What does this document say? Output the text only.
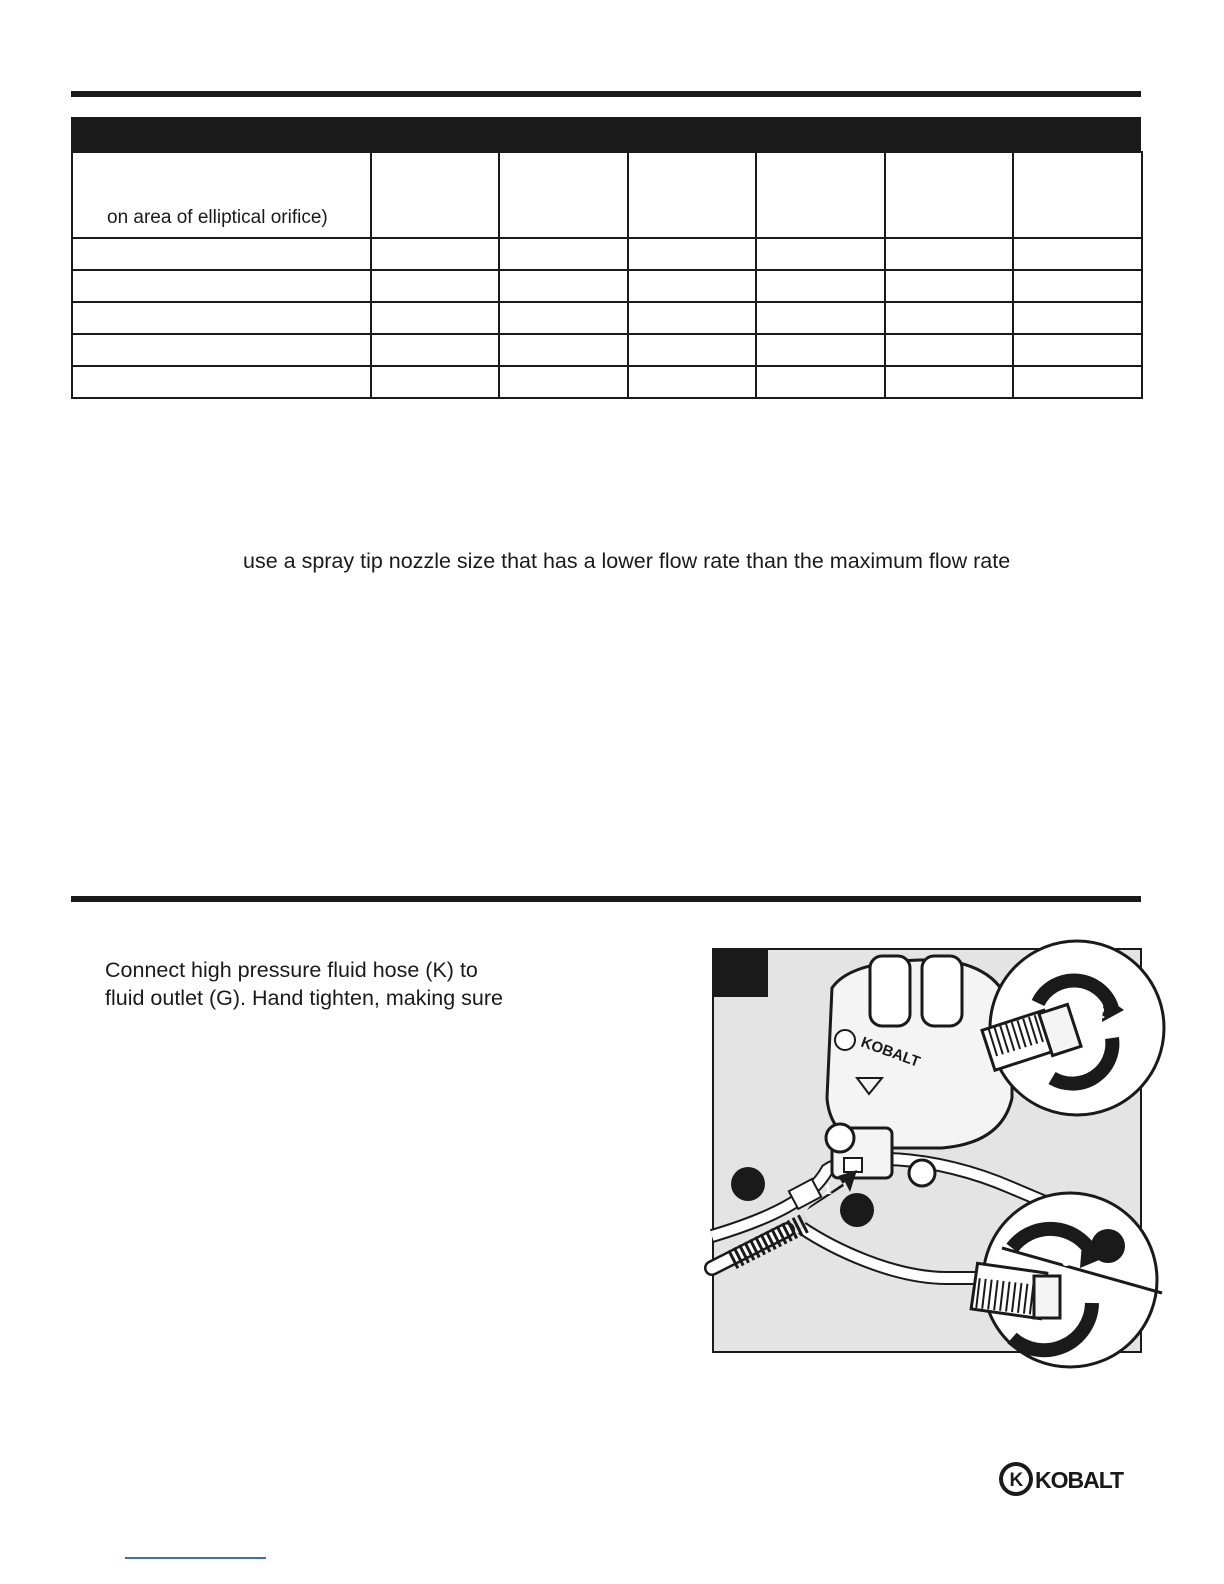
on area of elliptical orifice)						

use a spray tip nozzle size that has a lower flow rate than the maximum flow rate
Connect high pressure fluid hose (K) to
fluid outlet (G). Hand tighten, making sure
KOBALT
1
2
3
K KOBALT
